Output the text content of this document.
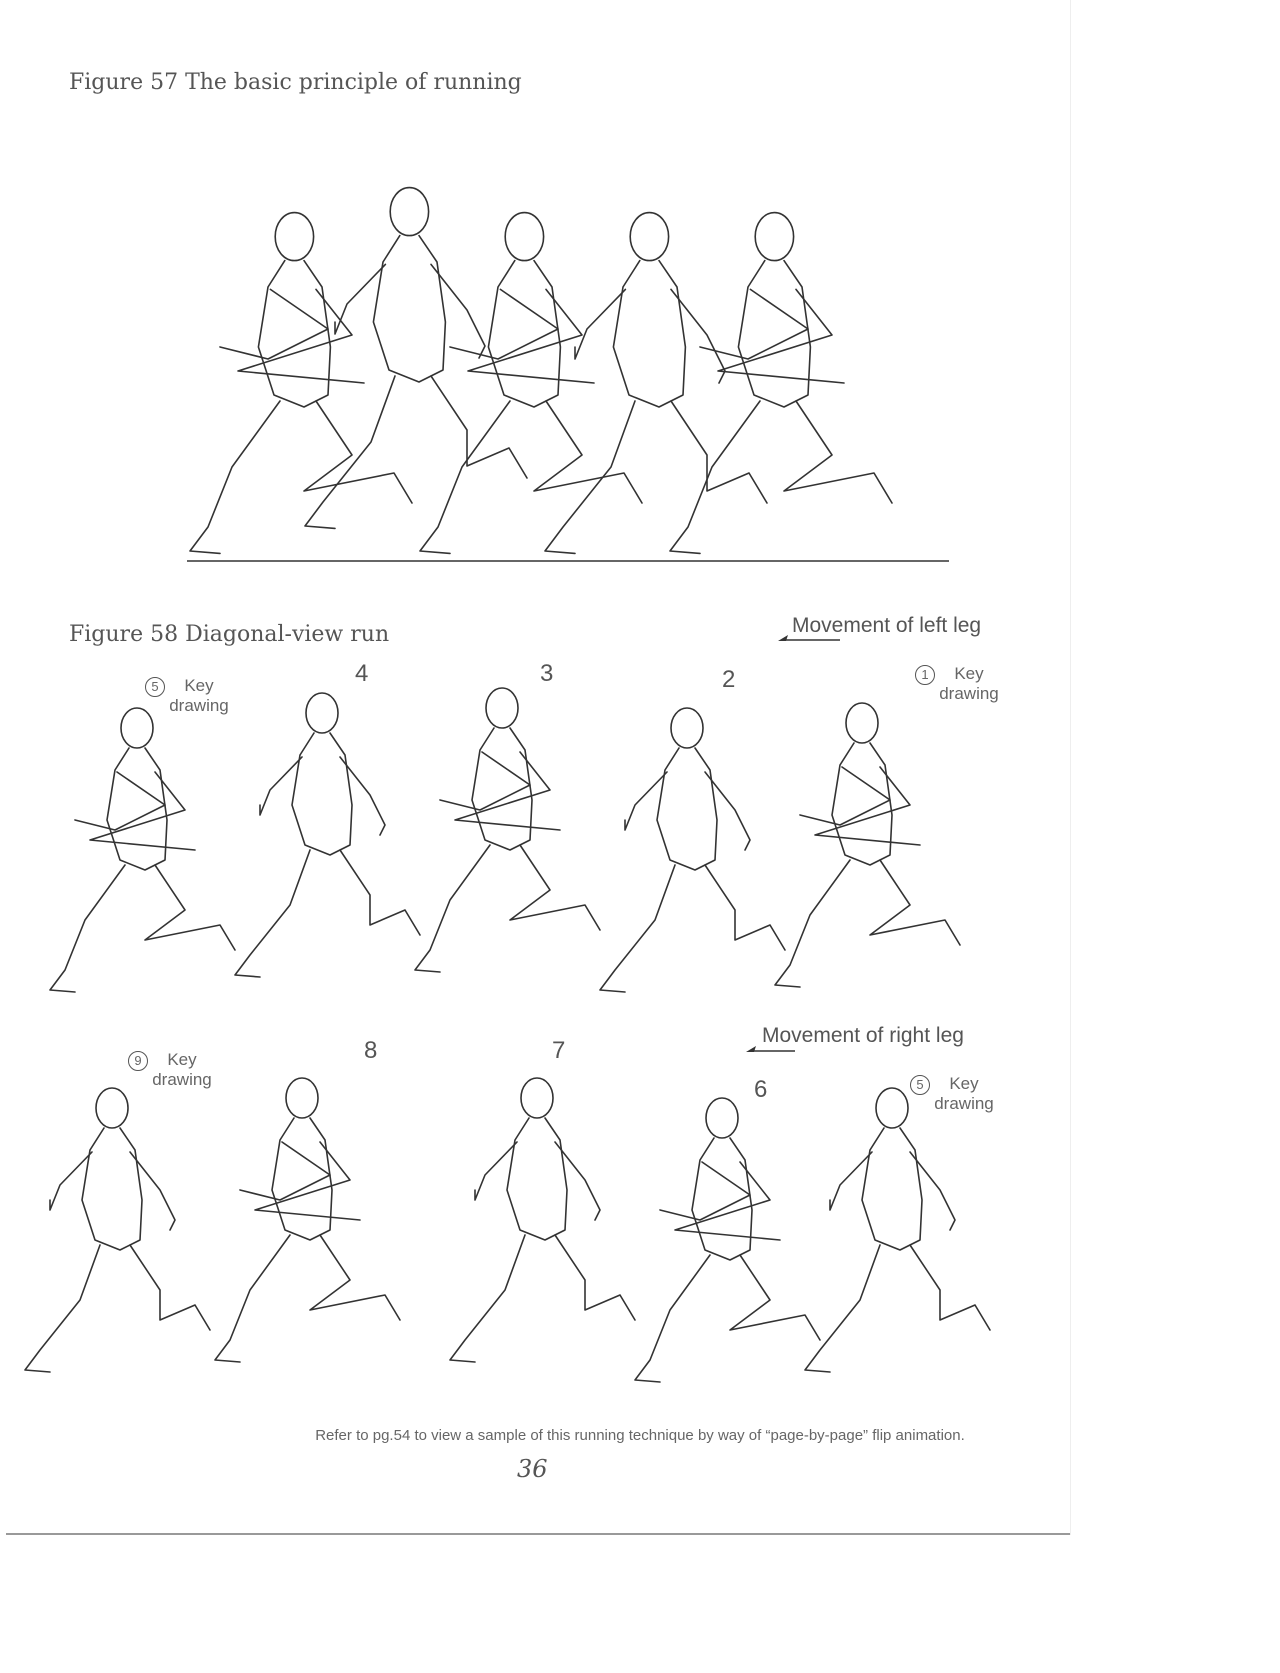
Figure 57 The basic principle of running
Figure 58 Diagonal-view run	Movement of left leg
Movement of right leg
5 Key drawing
4	3	2	1 Key drawing
9 Key drawing
8	7
6	5 Key drawing
Refer to pg.54 to view a sample of this running technique by way of “page-by-page” flip animation.
36
